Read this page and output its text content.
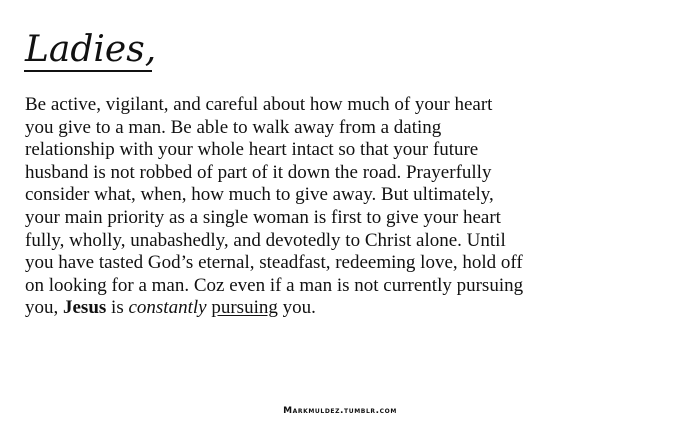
Ladies,
Be active, vigilant, and careful about how much of your heart
you give to a man. Be able to walk away from a dating
relationship with your whole heart intact so that your future
husband is not robbed of part of it down the road. Prayerfully
consider what, when, how much to give away. But ultimately,
your main priority as a single woman is first to give your heart
fully, wholly, unabashedly, and devotedly to Christ alone. Until
you have tasted God’s eternal, steadfast, redeeming love, hold off
on looking for a man. Coz even if a man is not currently pursuing
you, Jesus is constantly pursuing you.
Markmuldez.tumblr.com
